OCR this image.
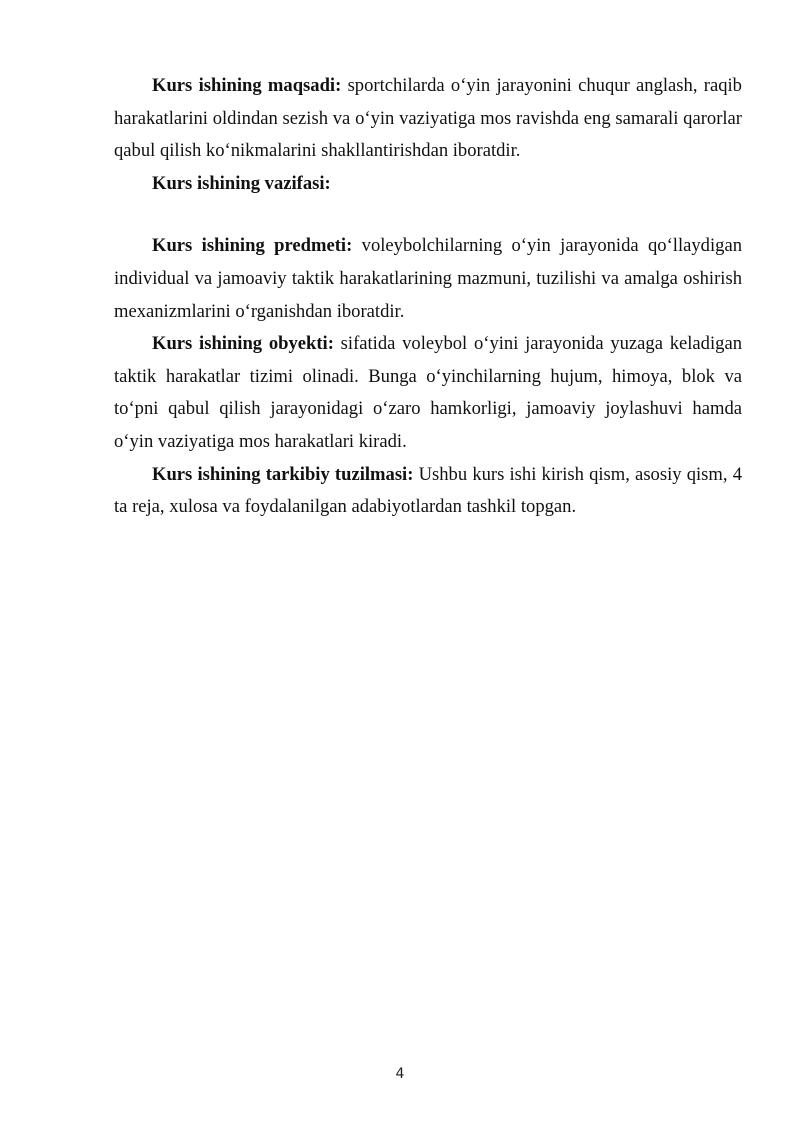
Kurs ishining maqsadi: sportchilarda o‘yin jarayonini chuqur anglash, raqib harakatlarini oldindan sezish va o‘yin vaziyatiga mos ravishda eng samarali qarorlar qabul qilish ko‘nikmalarini shakllantirishdan iboratdir.

Kurs ishining vazifasi:

Kurs ishining predmeti: voleybolchilarning o‘yin jarayonida qo‘llaydigan individual va jamoaviy taktik harakatlarining mazmuni, tuzilishi va amalga oshirish mexanizmlarini o‘rganishdan iboratdir.

Kurs ishining obyekti: sifatida voleybol o‘yini jarayonida yuzaga keladigan taktik harakatlar tizimi olinadi. Bunga o‘yinchilarning hujum, himoya, blok va to‘pni qabul qilish jarayonidagi o‘zaro hamkorligi, jamoaviy joylashuvi hamda o‘yin vaziyatiga mos harakatlari kiradi.

Kurs ishining tarkibiy tuzilmasi: Ushbu kurs ishi kirish qism, asosiy qism, 4 ta reja, xulosa va foydalanilgan adabiyotlardan tashkil topgan.

4
